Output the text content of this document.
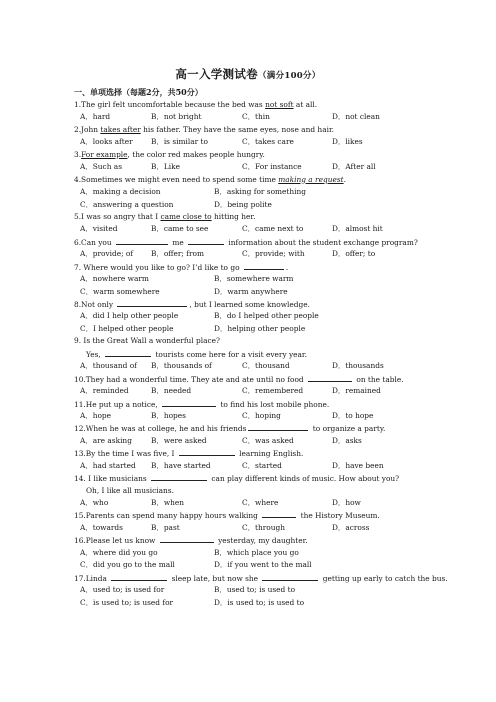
高一入学测试卷（满分100分）
一、单项选择（每题2分，共50分）
1.The girl felt uncomfortable because the bed was not soft at all.
A．hard	B．not bright	C．thin	D．not clean
2.John takes after his father. They have the same eyes, nose and hair.
A．looks after B．is similar to	C．takes care	D．likes
3.For example, the color red makes people hungry.
A．Such as	B．Like	C．For instance	D．After all
4.Sometimes we might even need to spend some time making a request.
A．making a decision	B．asking for something
C．answering a question	D．being polite
5.I was so angry that I came close to hitting her.
A．visited	B．came to see	C．came next to	D．almost hit
6.Can you	me	information about the student exchange program?
A．provide; of B．offer; from	C．provide; with	D．offer; to
7. Where would you like to go? I’d like to go	.
A．nowhere warm	B．somewhere warm
C．warm somewhere	D．warm anywhere
8.Not only	, but I learned some knowledge.
A．did I help other people	B．do I helped other people
C．I helped other people	D．helping other people
9. Is the Great Wall a wonderful place?
Yes,	tourists come here for a visit every year.
A．thousand of B．thousands of	C．thousand	D．thousands
10.They had a wonderful time. They ate and ate until no food	on the table.
A．reminded	B．needed	C．remembered	D．remained
11.He put up a notice,	to find his lost mobile phone.
A．hope	B．hopes	C．hoping	D．to hope
12.When he was at college, he and his friends	to organize a party.
A．are asking	B．were asked	C．was asked	D．asks
13.By the time I was five, I	learning English.
A．had started B．have started	C．started	D．have been
14. I like musicians	can play different kinds of music. How about you?
Oh, I like all musicians.
A．who	B．when	C．where	D．how
15.Parents can spend many happy hours walking	the History Museum.
A．towards	B．past	C．through	D．across
16.Please let us know	yesterday, my daughter.
A．where did you go	B．which place you go
C．did you go to the mall	D．if you went to the mall
17.Linda	sleep late, but now she	getting up early to catch the bus.
A．used to; is used for	B．used to; is used to
C．is used to; is used for	D．is used to; is used to
